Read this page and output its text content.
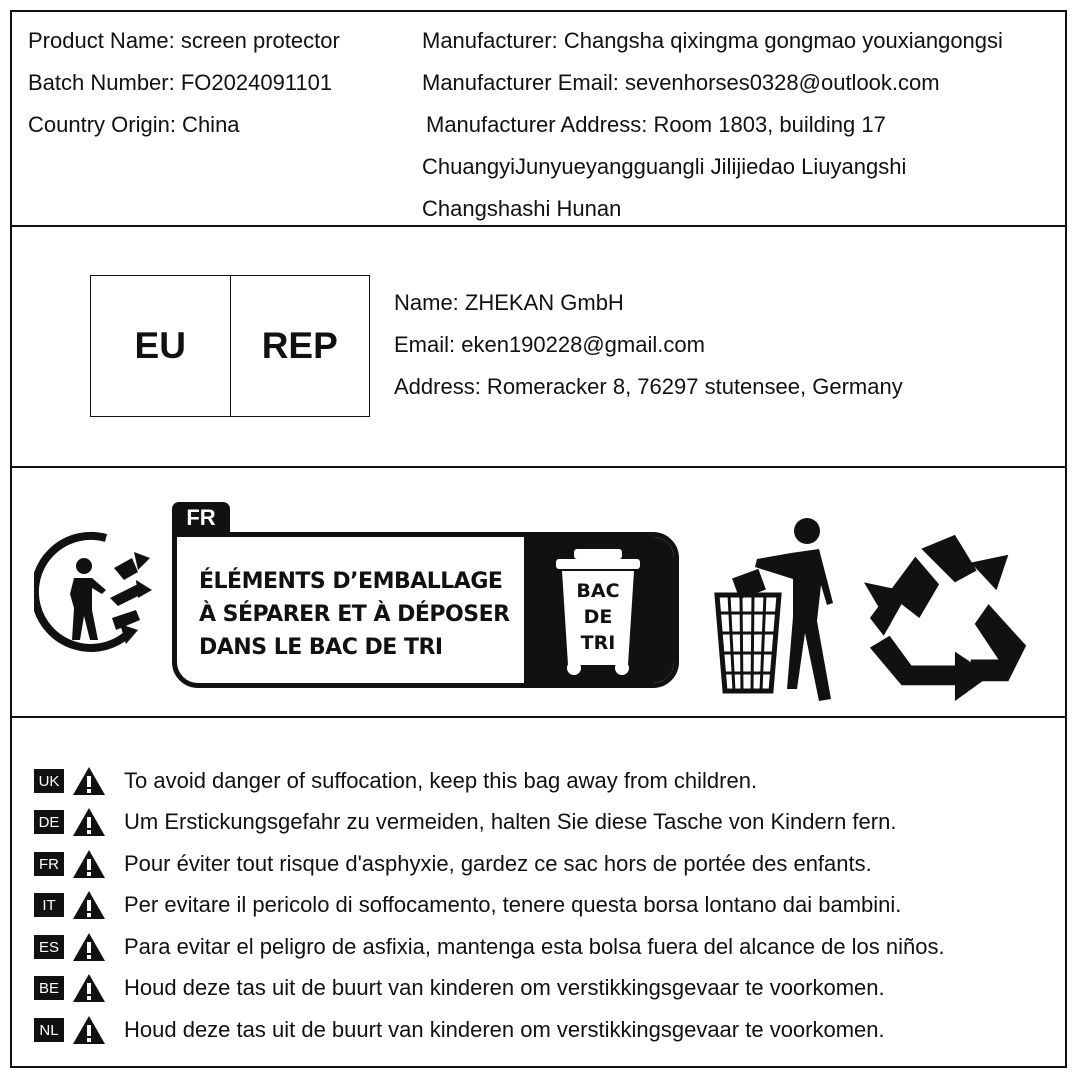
Product Name: screen protector
Batch Number: FO2024091101
Country Origin: China
Manufacturer: Changsha qixingma gongmao youxiangongsi
Manufacturer Email: sevenhorses0328@outlook.com
Manufacturer Address: Room 1803, building 17
ChuangyiJunyueyangguangli Jilijiedao Liuyangshi
Changshashi Hunan
EU	REP
Name: ZHEKAN GmbH
Email: eken190228@gmail.com
Address: Romeracker 8, 76297 stutensee, Germany
FR
ÉLÉMENTS D’EMBALLAGE
À SÉPARER ET À DÉPOSER
DANS LE BAC DE TRI
BAC
DE
TRI
UK	To avoid danger of suffocation, keep this bag away from children.
DE	Um Erstickungsgefahr zu vermeiden, halten Sie diese Tasche von Kindern fern.
FR	Pour éviter tout risque d'asphyxie, gardez ce sac hors de portée des enfants.
IT	Per evitare il pericolo di soffocamento, tenere questa borsa lontano dai bambini.
ES	Para evitar el peligro de asfixia, mantenga esta bolsa fuera del alcance de los niños.
BE	Houd deze tas uit de buurt van kinderen om verstikkingsgevaar te voorkomen.
NL	Houd deze tas uit de buurt van kinderen om verstikkingsgevaar te voorkomen.
